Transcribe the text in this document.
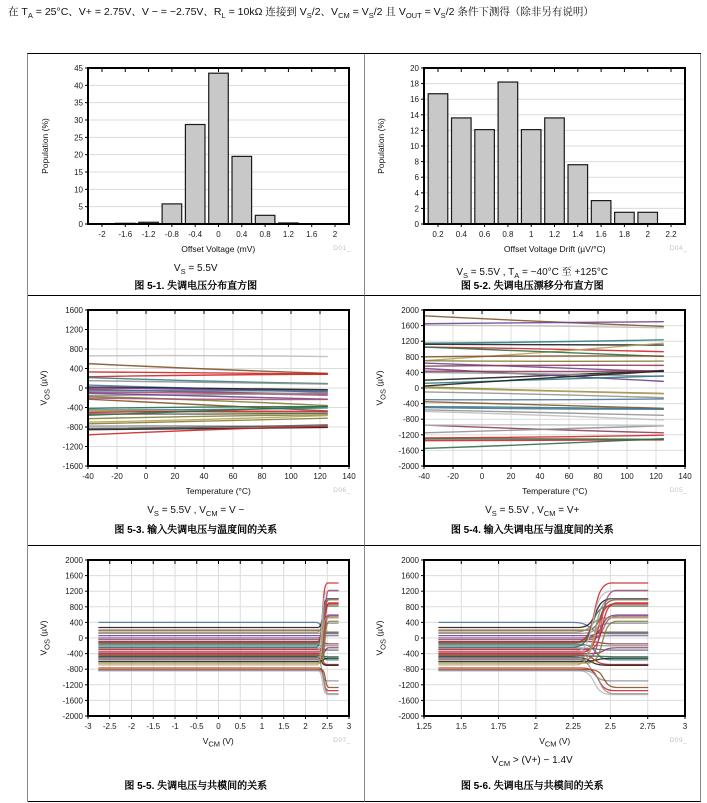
在 $T_A = 25^\circ C$、V+ = 2.75V、V − = −2.75V、$R_L = 10k\Omega$ 连接到 $V_S/2$、$V_{CM} = V_S/2$ 且 $V_{OUT} = V_S/2$ 条件下测得（除非另有说明）
-2 -1.6 -1.2 -0.8 -0.4 0 0.4 0.8 1.2 1.6 2
0
5
10
15
20
25
30
35
40
45
Population (%)
Offset Voltage (mV)	D01_
$V_S = 5.5V$
图 5-1. 失调电压分布直方图
0.2 0.4 0.6 0.8 1 1.2 1.4 1.6 1.8 2 2.2
0
2
4
6
8
10
12
14
16
18
20
Population (%)
Offset Voltage Drift (µV/°C)	D04_
$V_S = 5.5V$ , $T_A = -40^\circ C$ 至 +125°C
图 5-2. 失调电压漂移分布直方图
-40 -20	0	20	40	60	80 100 120 140
-1600
-1200
-800
-400
0
400
800
1200
1600
$V_{OS}$ (µV)
Temperature (°C)	D06_
$V_S = 5.5V$ , $V_{CM} = V$ −
图 5-3. 输入失调电压与温度间的关系
-40 -20	0	20	40	60	80 100 120 140
-2000
-1600
-1200
-800
-400
0
400
800
1200
1600
2000
$V_{OS}$ (µV)
Temperature (°C)	D05_
$V_S = 5.5V$ , $V_{CM} = V+$
图 5-4. 输入失调电压与温度间的关系
-3 -2.5 -2 -1.5 -1 -0.5 0 0.5 1 1.5 2 2.5 3
-2000
-1600
-1200
-800
-400
0
400
800
1200
1600
2000
$V_{OS}$ (µV)
$V_{CM}$ (V)	D07_
图 5-5. 失调电压与共模间的关系
1.25	1.5	1.75	2	2.25	2.5	2.75	3
-2000
-1600
-1200
-800
-400
0
400
800
1200
1600
2000
$V_{OS}$ (µV)
$V_{CM}$ (V)	D09_
$V_{CM} > (V+) - 1.4V$
图 5-6. 失调电压与共模间的关系
